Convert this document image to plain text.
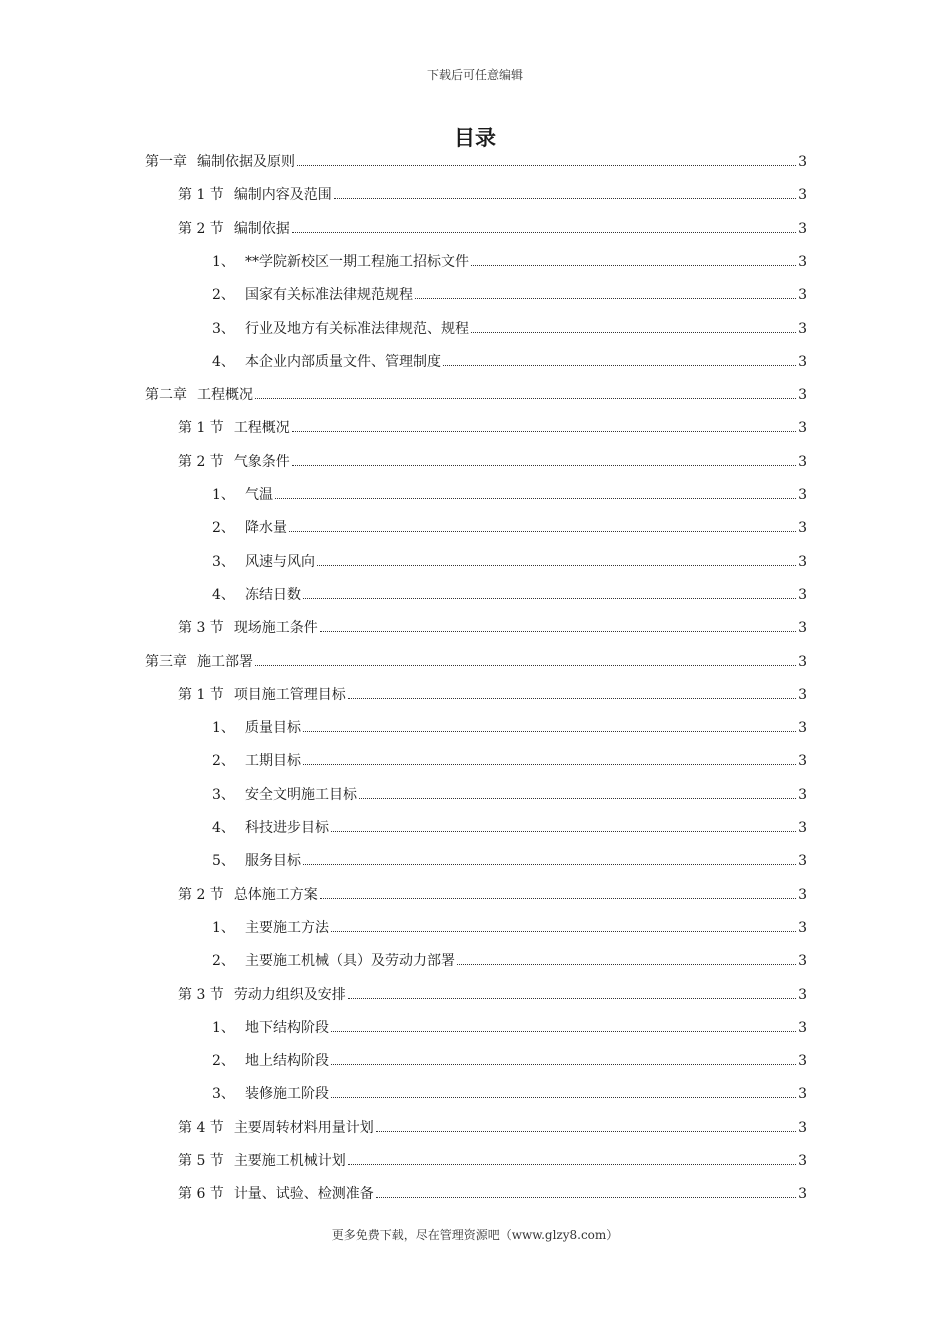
下载后可任意编辑
目录
第一章 编制依据及原则	3
第 1 节 编制内容及范围	3
第 2 节 编制依据	3
1、 **学院新校区一期工程施工招标文件	3
2、 国家有关标准法律规范规程	3
3、 行业及地方有关标准法律规范、规程	3
4、 本企业内部质量文件、管理制度	3
第二章 工程概况	3
第 1 节 工程概况	3
第 2 节 气象条件	3
1、 气温	3
2、 降水量	3
3、 风速与风向	3
4、 冻结日数	3
第 3 节 现场施工条件	3
第三章 施工部署	3
第 1 节 项目施工管理目标	3
1、 质量目标	3
2、 工期目标	3
3、 安全文明施工目标	3
4、 科技进步目标	3
5、 服务目标	3
第 2 节 总体施工方案	3
1、 主要施工方法	3
2、 主要施工机械（具）及劳动力部署	3
第 3 节 劳动力组织及安排	3
1、 地下结构阶段	3
2、 地上结构阶段	3
3、 装修施工阶段	3
第 4 节 主要周转材料用量计划	3
第 5 节 主要施工机械计划	3
第 6 节 计量、试验、检测准备	3
更多免费下载，尽在管理资源吧（www.glzy8.com）
